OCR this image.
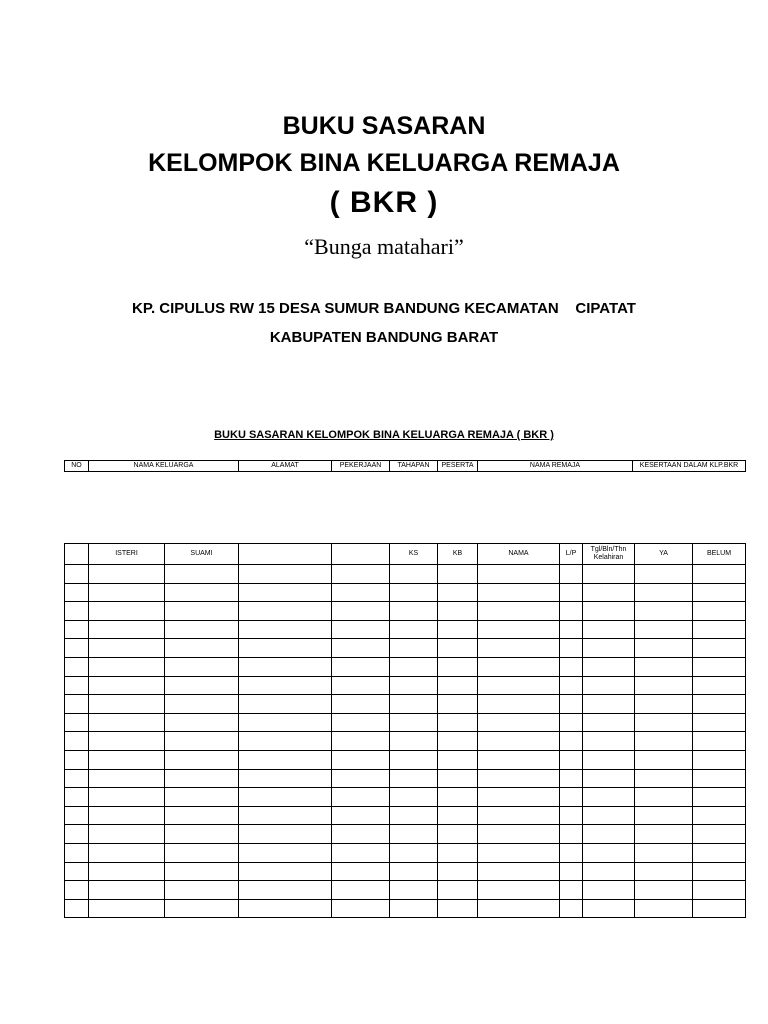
BUKU SASARAN
KELOMPOK BINA KELUARGA REMAJA
( BKR )
“Bunga matahari”
KP. CIPULUS RW 15 DESA SUMUR BANDUNG KECAMATAN    CIPATAT
KABUPATEN BANDUNG BARAT
BUKU SASARAN KELOMPOK BINA KELUARGA REMAJA ( BKR )
NO	NAMA KELUARGA	ALAMAT	PEKERJAAN	TAHAPAN	PESERTA	NAMA REMAJA	KESERTAAN DALAM KLP.BKR
	ISTERI	SUAMI			KS	KB	NAMA	L/P	Tgl/Bln/Thn Kelahiran	YA	BELUM
